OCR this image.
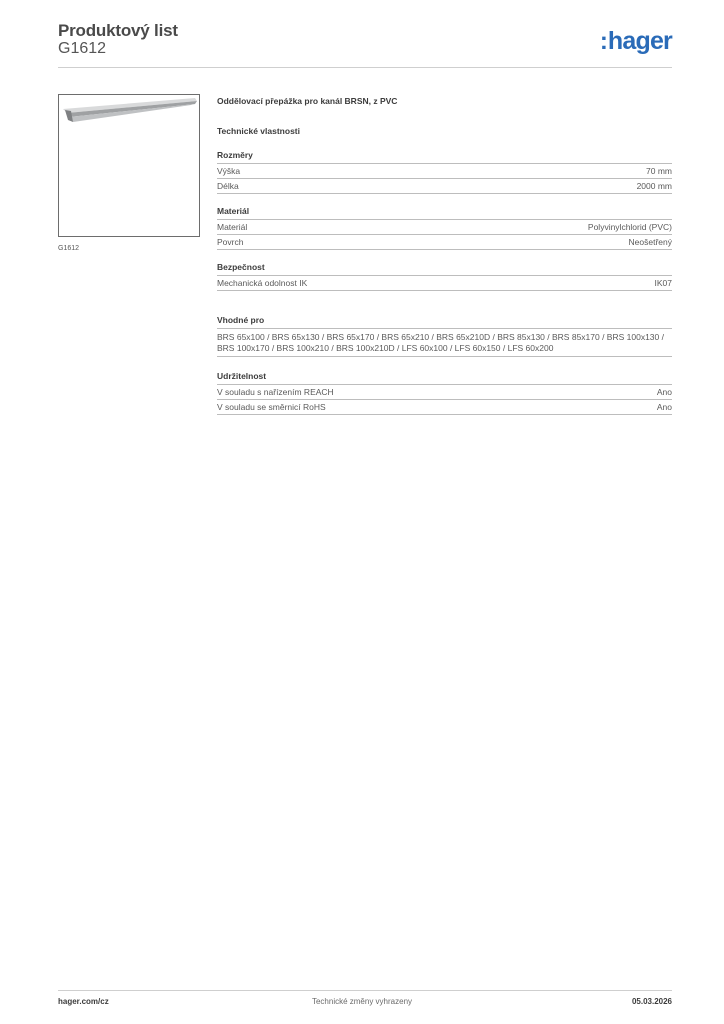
Produktový list
G1612	:hager
G1612
Oddělovací přepážka pro kanál BRSN, z PVC
Technické vlastnosti
Rozměry
Výška	70 mm
Délka	2000 mm
Materiál
Materiál	Polyvinylchlorid (PVC)
Povrch	Neošetřený
Bezpečnost
Mechanická odolnost IK	IK07
Vhodné pro
BRS 65x100 / BRS 65x130 / BRS 65x170 / BRS 65x210 / BRS 65x210D / BRS 85x130 / BRS 85x170 / BRS 100x130 / BRS 100x170 / BRS 100x210 / BRS 100x210D / LFS 60x100 / LFS 60x150 / LFS 60x200
Udržitelnost
V souladu s nařízením REACH	Ano
V souladu se směrnicí RoHS	Ano
hager.com/cz	Technické změny vyhrazeny	05.03.2026
